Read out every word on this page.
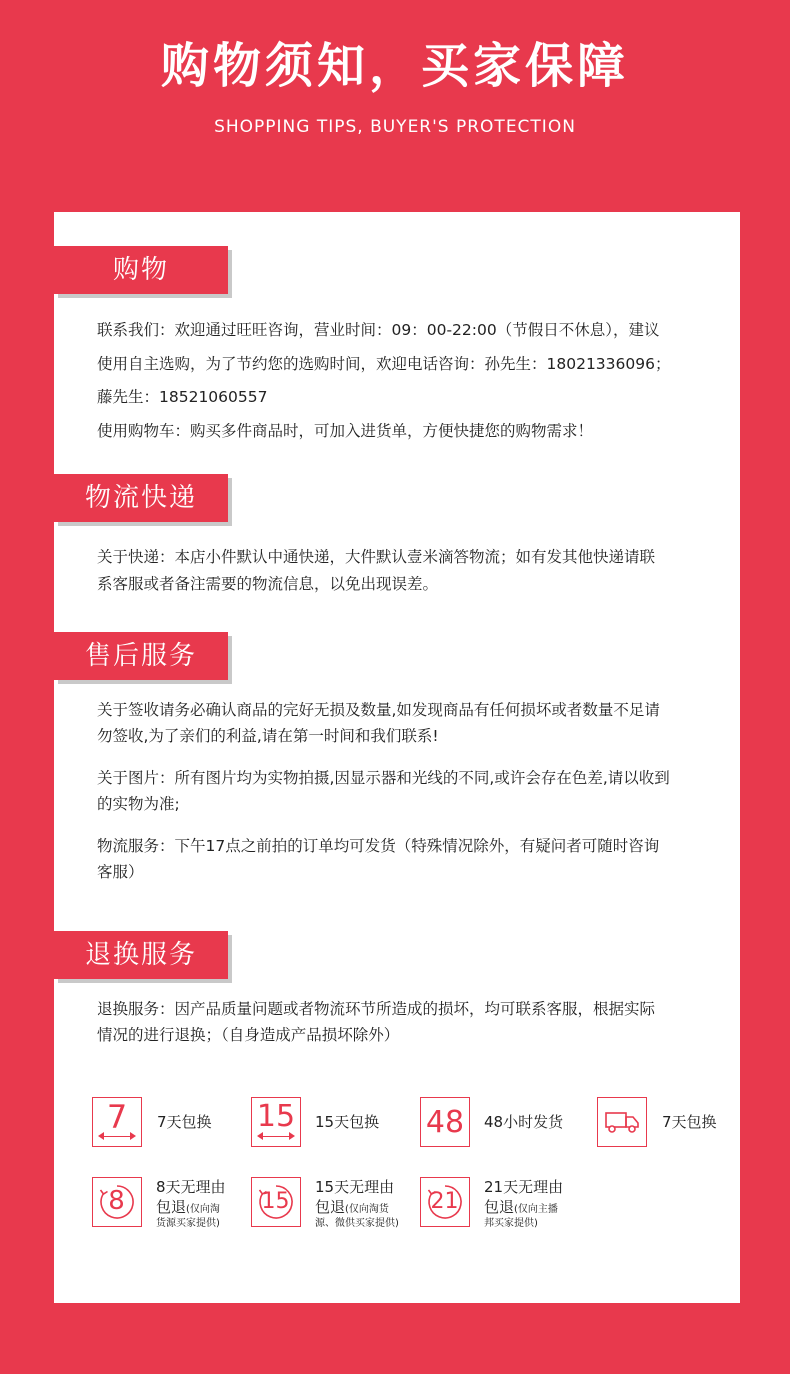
购物须知，买家保障
SHOPPING TIPS, BUYER'S PROTECTION
购物

联系我们：欢迎通过旺旺咨询，营业时间：09：00-22:00（节假日不休息），建议

使用自主选购，为了节约您的选购时间，欢迎电话咨询：孙先生：18021336096；

藤先生：18521060557

使用购物车：购买多件商品时，可加入进货单，方便快捷您的购物需求！

物流快递

关于快递：本店小件默认中通快递，大件默认壹米滴答物流；如有发其他快递请联

系客服或者备注需要的物流信息，以免出现误差。

售后服务

关于签收请务必确认商品的完好无损及数量,如发现商品有任何损坏或者数量不足请

勿签收,为了亲们的利益,请在第一时间和我们联系!

关于图片：所有图片均为实物拍摄,因显示器和光线的不同,或许会存在色差,请以收到

的实物为准;

物流服务：下午17点之前拍的订单均可发货（特殊情况除外，有疑问者可随时咨询

客服）

退换服务

退换服务：因产品质量问题或者物流环节所造成的损坏，均可联系客服，根据实际

情况的进行退换；（自身造成产品损坏除外）

7	7天包换 15	15天包换 48	48小时发货	7天包换
8	8天无理由
包退(仅向淘
货源买家提供)
15
15天无理由
包退(仅向淘货
源、微供买家提供)
21
21天无理由
包退(仅向主播
邦买家提供)
